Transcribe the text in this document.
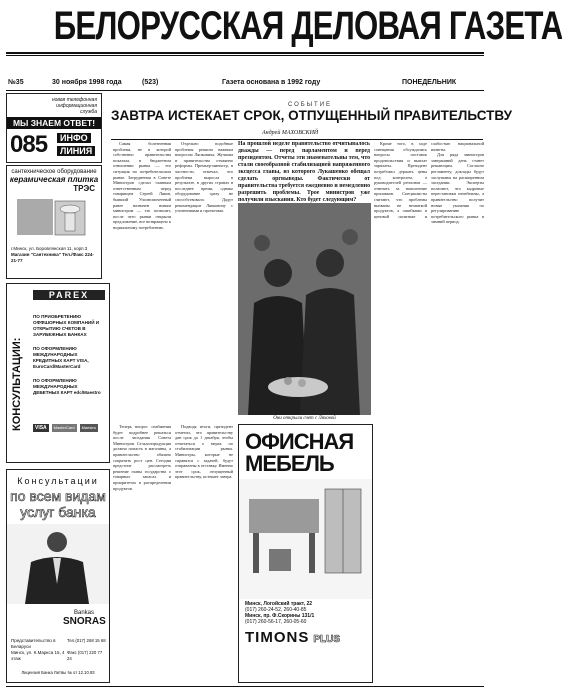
БЕЛОРУССКАЯ ДЕЛОВАЯ ГАЗЕТА
№35	30 ноября 1998 года	(523)	Газета основана в 1992 году	ПОНЕДЕЛЬНИК
новая телефонная информационная служба
МЫ ЗНАЕМ ОТВЕТ!
085	ИНФО
ЛИНИЯ
сантехническое оборудование
керамическая плитка
ТРЭС
г.Минск, ул. Боровлянская 11, корп.3
Магазин "Сантехника" Тел./Факс 224-21-77
PAREX
КОНСУЛЬТАЦИИ:
ПО ПРИОБРЕТЕНИЮ ОФФШОРНЫХ КОМПАНИЙ И ОТКРЫТИЮ СЧЕТОВ В ЗАРУБЕЖНЫХ БАНКАХ
ПО ОФОРМЛЕНИЮ МЕЖДУНАРОДНЫХ КРЕДИТНЫХ КАРТ VISA, EuroCard/MasterCard
ПО ОФОРМЛЕНИЮ МЕЖДУНАРОДНЫХ ДЕБЕТНЫХ КАРТ edc/Maestro
VISA	MasterCard	Maestro
Консультации
по всем видам
услуг банка
Bankas
SNORAS
Представительство в Беларуси
Минск, ул. К.Маркса 15, 4 этаж
Тел.(017) 268 15 68
Факс (017) 220 77 24
Лицензия Банка Литвы № от 12.10.93
СОБЫТИЕ
ЗАВТРА ИСТЕКАЕТ СРОК, ОТПУЩЕННЫЙ ПРАВИТЕЛЬСТВУ
Андрей МАХОВСКИЙ

Самая болезненная проблема, не в которой собственно правительства показала, в бюджетном отношении рынка — это ситуация на потребительском рынке. Затруднения в Совете Министров сделал главным ответственным перед товарищем Сергей Ляков, бывший Уполномоченный ранее назначен новым министром — это позволит, после чего рынки открыли предложение, все возвращено к нормальному потреблению.

Отдельно подобные проблемы решили важным вопросом Ляпковича, Жучкова и правительства отчаянно реформы. Премьер-министр, в частности, отмечал, что проблема выросла в результате, в других странах в последнее время, однако оборудование сразу не способствовало. Дадут рекомендации Ляпковичу с уточнениями и проектами.

На прошлой неделе правительство отчитывалось дважды — перед парламентом и перед президентом. Отчеты эти знаменательны тем, что стали своеобразной стабилизацией напряженного эксцесса главы, из которого Лукашенко обещал сделать оргвыводы. Фактически от правительства требуется ежедневно и немедленно разрешить проблемы. Трое министров уже получили взыскания. Кто будет следующим?
Они открыли счет с Ляховой

Кроме того, в ходе совещания обсуждались вопросы поставок продовольствия и выплат зарплаты. Президент потребовал держать цены под контролем, а руководителей регионов — отвечать за наполнение прилавков. Специалисты считают, что проблемы вызваны не нехваткой продуктов, а ошибками в ценовой политике и слабостью национальной валюты.

Для ряда министров завтрашний день станет решающим. Согласно регламенту, доклады будут заслушаны на расширенном заседании. Эксперты полагают, что кадровые перестановки неизбежны, а правительство получит новые указания по регулированию потребительского рынка в зимний период.

Теперь вопрос снабжения будет подробнее решаться после заседания Совета Министров. Сельхозпродукция должна попасть в магазины, а правительство обязано сократить рост цен. Сегодня предстоит рассмотреть решение главы государства о товарных запасах и приоритетах в распределении продуктов.

Подводя итоги, президент отметил, что правительству дан срок до 1 декабря, чтобы отчитаться о мерах по стабилизации рынка. Министры, которые не справятся с задачей, будут отправлены в отставку. Именно этот срок, отпущенный правительству, истекает завтра.

ОФИСНАЯ
МЕБЕЛЬ
Минск, Логойский тракт, 22
(017) 260-24-52, 260-40-85
Минск, пр. Ф.Скорины 131/1
(017) 260-56-17, 260-05-60
TIMONS PLUS
